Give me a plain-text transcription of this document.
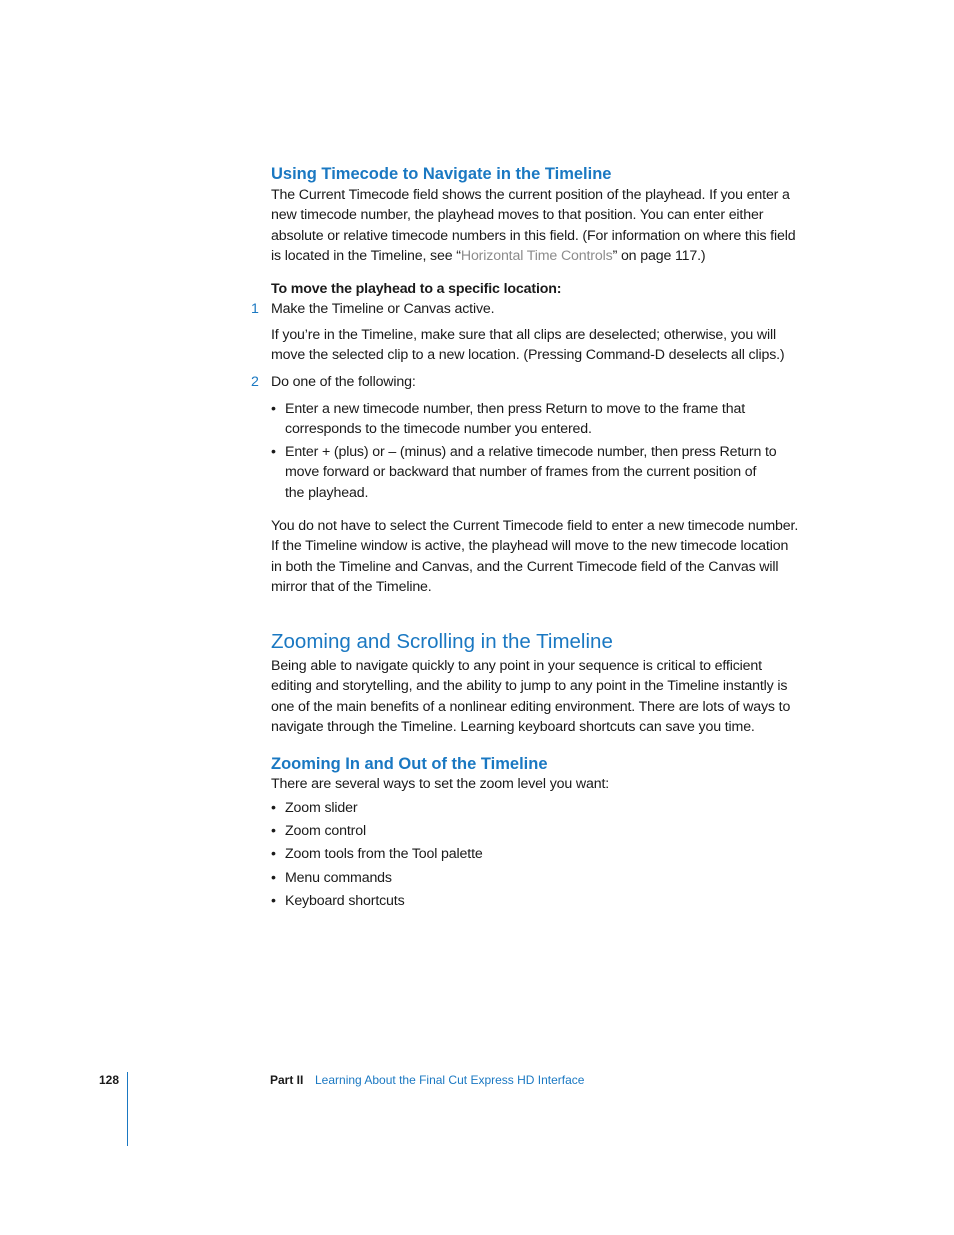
Using Timecode to Navigate in the Timeline
The Current Timecode field shows the current position of the playhead. If you enter a
new timecode number, the playhead moves to that position. You can enter either
absolute or relative timecode numbers in this field. (For information on where this field
is located in the Timeline, see “Horizontal Time Controls” on page 117.)
To move the playhead to a specific location:
1 Make the Timeline or Canvas active.
If you’re in the Timeline, make sure that all clips are deselected; otherwise, you will
move the selected clip to a new location. (Pressing Command-D deselects all clips.)
2 Do one of the following:
• Enter a new timecode number, then press Return to move to the frame that
corresponds to the timecode number you entered.
• Enter + (plus) or – (minus) and a relative timecode number, then press Return to
move forward or backward that number of frames from the current position of
the playhead.
You do not have to select the Current Timecode field to enter a new timecode number.
If the Timeline window is active, the playhead will move to the new timecode location
in both the Timeline and Canvas, and the Current Timecode field of the Canvas will
mirror that of the Timeline.
Zooming and Scrolling in the Timeline
Being able to navigate quickly to any point in your sequence is critical to efficient
editing and storytelling, and the ability to jump to any point in the Timeline instantly is
one of the main benefits of a nonlinear editing environment. There are lots of ways to
navigate through the Timeline. Learning keyboard shortcuts can save you time.
Zooming In and Out of the Timeline
There are several ways to set the zoom level you want:
• Zoom slider
• Zoom control
• Zoom tools from the Tool palette
• Menu commands
• Keyboard shortcuts
128	Part II Learning About the Final Cut Express HD Interface
